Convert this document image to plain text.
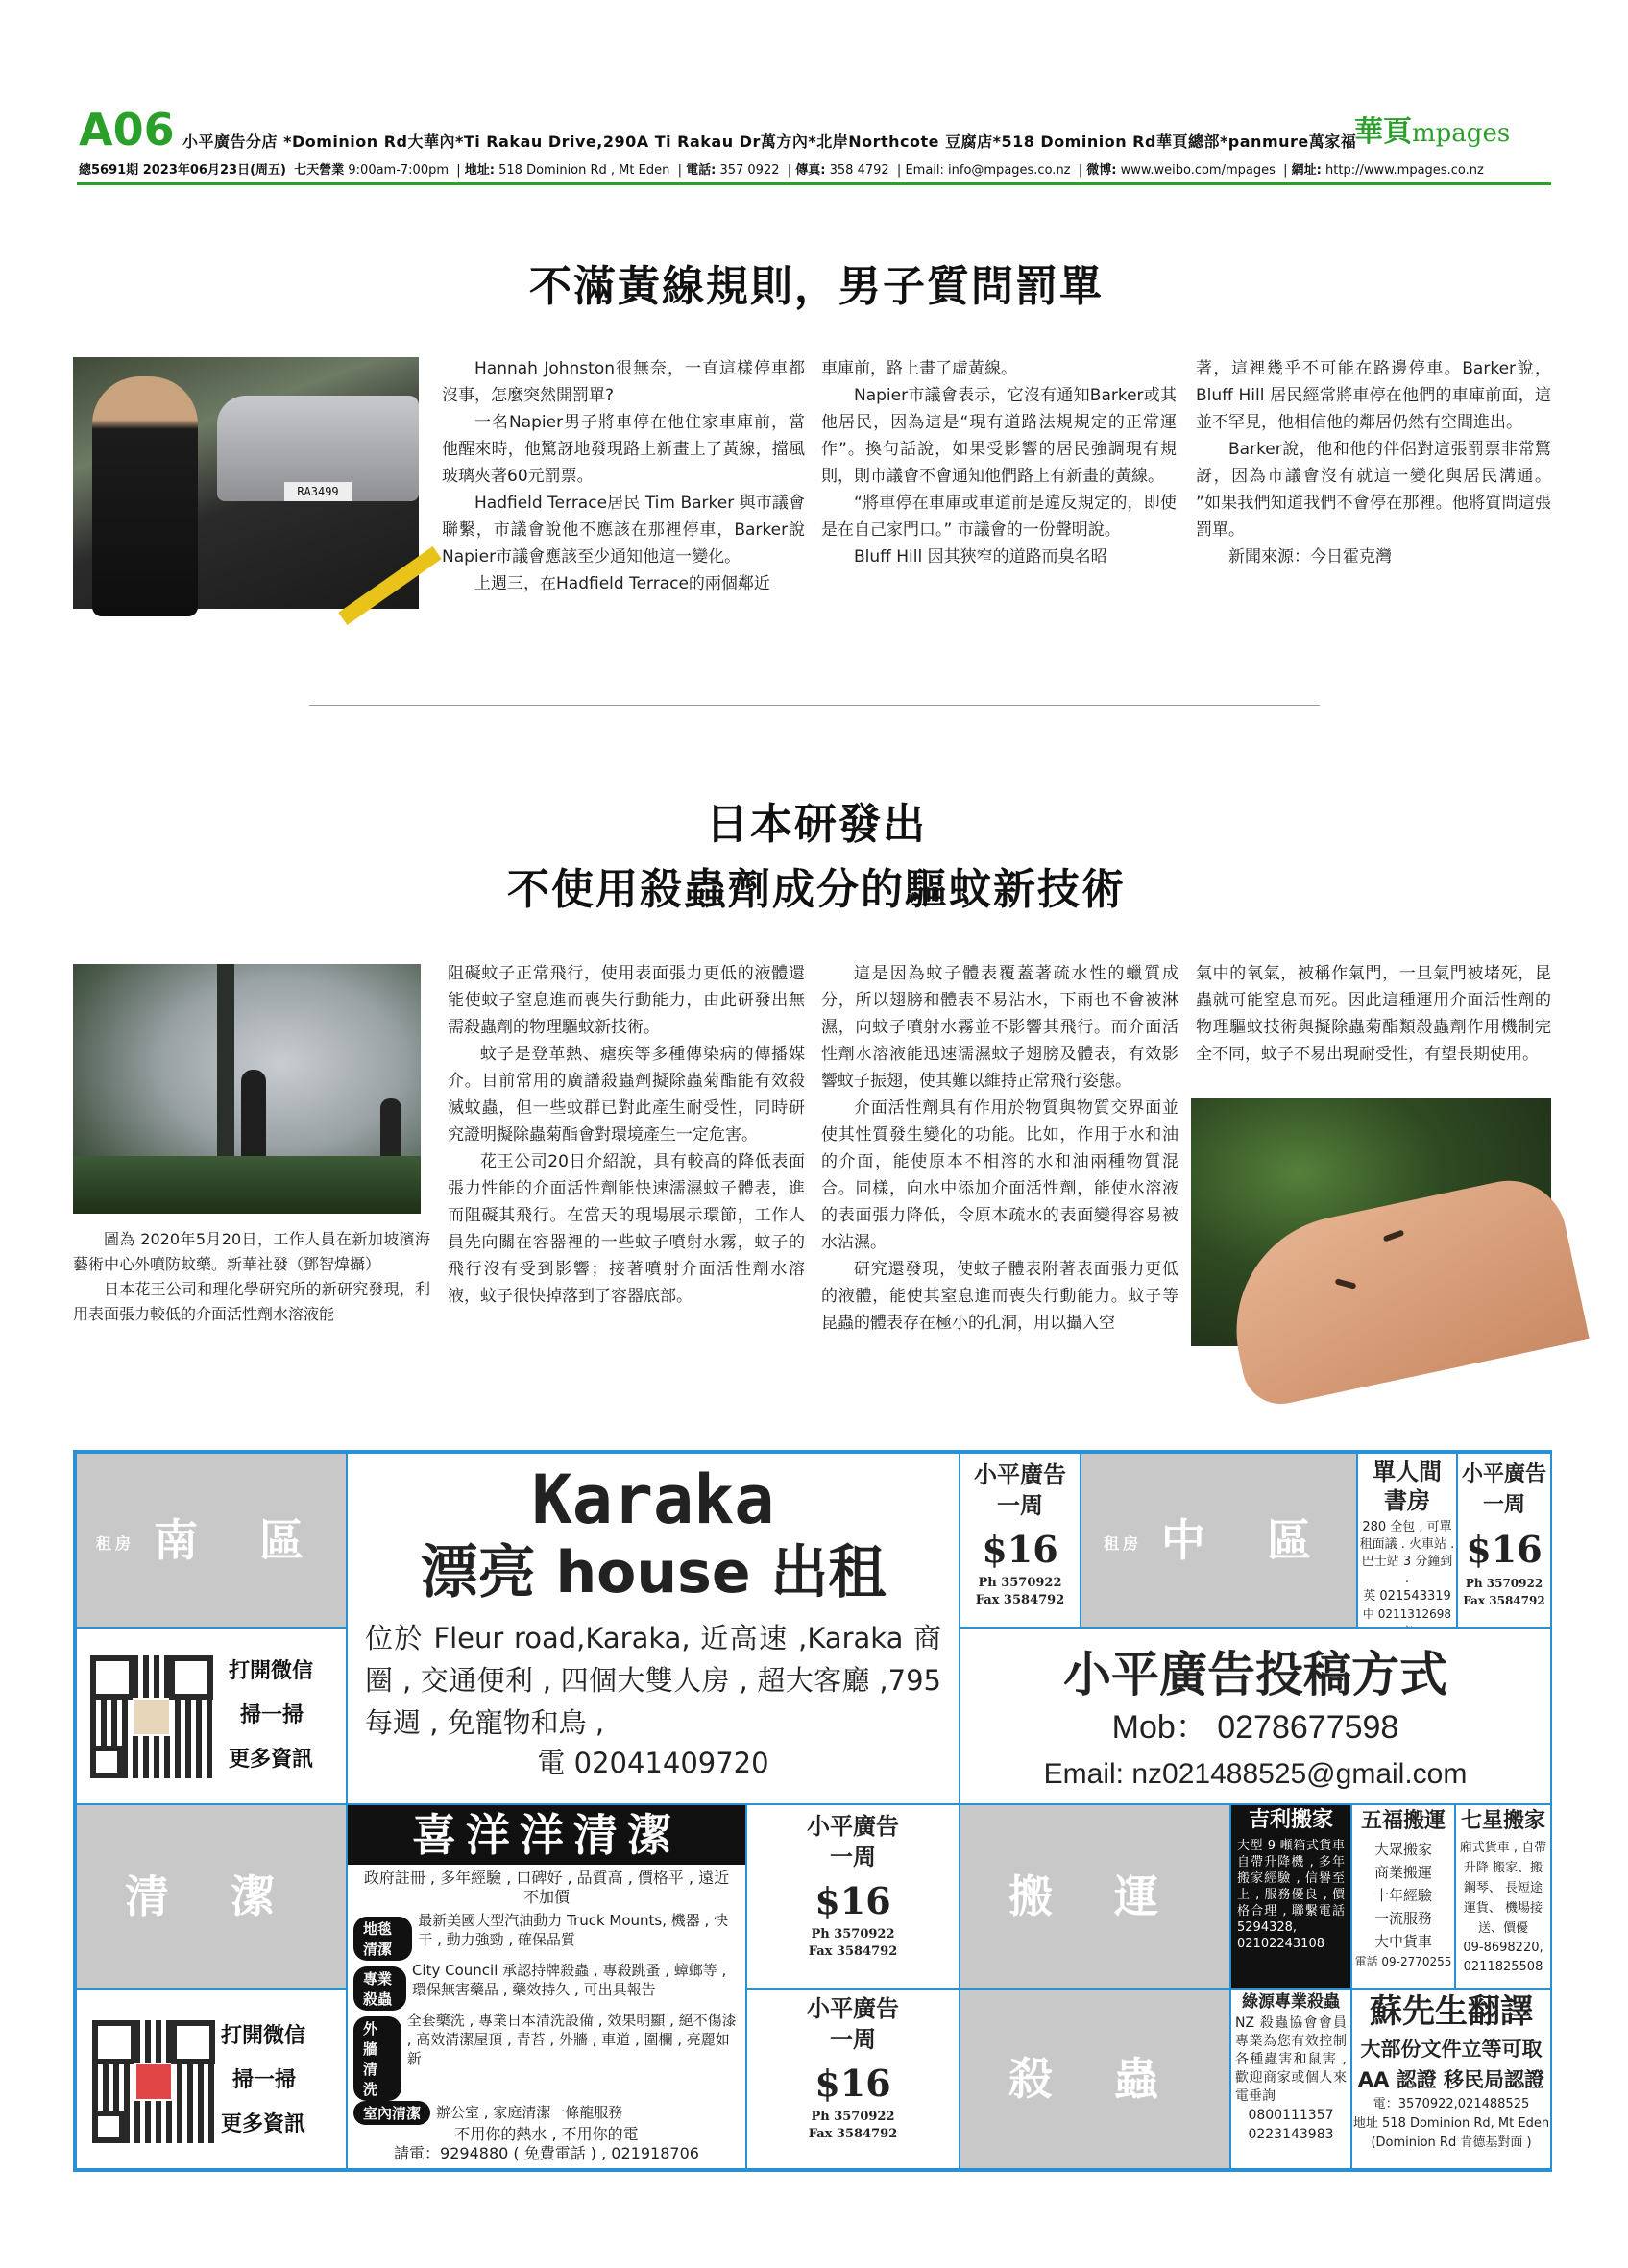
A06 小平廣告分店 *Dominion Rd大華內*Ti Rakau Drive,290A Ti Rakau Dr萬方內*北岸Northcote 豆腐店*518 Dominion Rd華頁總部*panmure萬家福
華頁mpages
總5691期 2023年06月23日(周五) 七天營業 9:00am-7:00pm  | 地址: 518 Dominion Rd , Mt Eden  | 電話: 357 0922  | 傳真: 358 4792  | Email: info@mpages.co.nz  | 微博: www.weibo.com/mpages  | 網址: http://www.mpages.co.nz
不滿黃線規則，男子質問罰單
RA3499

Hannah Johnston很無奈，一直這樣停車都沒事，怎麼突然開罰單?

一名Napier男子將車停在他住家車庫前，當他醒來時，他驚訝地發現路上新畫上了黃線，擋風玻璃夾著60元罰票。

Hadfield Terrace居民 Tim Barker 與市議會聯繫，市議會說他不應該在那裡停車，Barker說Napier市議會應該至少通知他這一變化。

上週三，在Hadfield Terrace的兩個鄰近

車庫前，路上畫了虛黃線。

Napier市議會表示，它沒有通知Barker或其他居民，因為這是“現有道路法規規定的正常運作”。換句話說，如果受影響的居民強調現有規則，則市議會不會通知他們路上有新畫的黃線。

“將車停在車庫或車道前是違反規定的，即使是在自己家門口。” 市議會的一份聲明說。

Bluff Hill 因其狹窄的道路而臭名昭

著，這裡幾乎不可能在路邊停車。Barker說，Bluff Hill 居民經常將車停在他們的車庫前面，這並不罕見，他相信他的鄰居仍然有空間進出。

Barker說，他和他的伴侶對這張罰票非常驚訝，因為市議會沒有就這一變化與居民溝通。 ”如果我們知道我們不會停在那裡。他將質問這張罰單。

新聞來源：今日霍克灣

日本研發出
不使用殺蟲劑成分的驅蚊新技術

圖為 2020年5月20日，工作人員在新加坡濱海藝術中心外噴防蚊藥。新華社發（鄧智煒攝）

日本花王公司和理化學研究所的新研究發現，利用表面張力較低的介面活性劑水溶液能

阻礙蚊子正常飛行，使用表面張力更低的液體還能使蚊子窒息進而喪失行動能力，由此研發出無需殺蟲劑的物理驅蚊新技術。

蚊子是登革熱、瘧疾等多種傳染病的傳播媒介。目前常用的廣譜殺蟲劑擬除蟲菊酯能有效殺滅蚊蟲，但一些蚊群已對此產生耐受性，同時研究證明擬除蟲菊酯會對環境產生一定危害。

花王公司20日介紹說，具有較高的降低表面張力性能的介面活性劑能快速濡濕蚊子體表，進而阻礙其飛行。在當天的現場展示環節，工作人員先向關在容器裡的一些蚊子噴射水霧，蚊子的飛行沒有受到影響；接著噴射介面活性劑水溶液，蚊子很快掉落到了容器底部。

這是因為蚊子體表覆蓋著疏水性的蠟質成分，所以翅膀和體表不易沾水，下雨也不會被淋濕，向蚊子噴射水霧並不影響其飛行。而介面活性劑水溶液能迅速濡濕蚊子翅膀及體表，有效影響蚊子振翅，使其難以維持正常飛行姿態。

介面活性劑具有作用於物質與物質交界面並使其性質發生變化的功能。比如，作用于水和油的介面，能使原本不相溶的水和油兩種物質混合。同樣，向水中添加介面活性劑，能使水溶液的表面張力降低，令原本疏水的表面變得容易被水沾濕。

研究還發現，使蚊子體表附著表面張力更低的液體，能使其窒息進而喪失行動能力。蚊子等昆蟲的體表存在極小的孔洞，用以攝入空

氣中的氧氣，被稱作氣門，一旦氣門被堵死，昆蟲就可能窒息而死。因此這種運用介面活性劑的物理驅蚊技術與擬除蟲菊酯類殺蟲劑作用機制完全不同，蚊子不易出現耐受性，有望長期使用。

租房 南 區
Karaka
漂亮 house 出租
位於 Fleur road,Karaka, 近高速 ,Karaka 商圈 , 交通便利 , 四個大雙人房 , 超大客廳 ,795 每週 , 免寵物和鳥 ,
電 02041409720
小平廣告
一周
$16
Ph 3570922
Fax 3584792
租房 中 區
單人間書房
280 全包 , 可單租面議 . 火車站 . 巴士站 3 分鐘到 .
英 021543319
中 0211312698
小平廣告
一周
$16
Ph 3570922
Fax 3584792
打開微信
掃一掃
更多資訊
小平廣告投稿方式
Mob： 0278677598
Email: nz021488525@gmail.com
清 潔
喜洋洋清潔
政府註冊 , 多年經驗 , 口碑好 , 品質高 , 價格平 , 遠近不加價
地毯清潔
最新美國大型汽油動力 Truck Mounts, 機器 , 快干 , 動力強勁 , 確保品質
專業殺蟲
City Council 承認持牌殺蟲 , 專殺跳蚤 , 蟑螂等 , 環保無害藥品 , 藥效持久 , 可出具報告
外牆清洗
全套藥洗 , 專業日本清洗設備 , 效果明顯 , 絕不傷漆 , 高效清潔屋頂 , 青苔 , 外牆 , 車道 , 圍欄 , 亮麗如新
室內清潔	辦公室 , 家庭清潔一條龍服務
不用你的熱水 , 不用你的電
請電：9294880 ( 免費電話 ) , 021918706
小平廣告
一周
$16
Ph 3570922
Fax 3584792
搬 運
吉利搬家
大型 9 噸箱式貨車自帶升降機 , 多年搬家經驗 , 信譽至上 , 服務優良 , 價格合理 , 聯繫電話 5294328, 02102243108
五福搬運
大眾搬家
商業搬運
十年經驗
一流服務
大中貨車
電話 09-2770255
七星搬家
廂式貨車 , 自帶升降 搬家、搬鋼琴、 長短途運貨、 機場接送、價優
09-8698220, 0211825508
打開微信
掃一掃
更多資訊
小平廣告
一周
$16
Ph 3570922
Fax 3584792
殺 蟲
綠源專業殺蟲
NZ 殺蟲協會會員專業為您有效控制各種蟲害和鼠害 , 歡迎商家或個人來電垂詢
0800111357
0223143983
蘇先生翻譯
大部份文件立等可取
AA 認證 移民局認證
電：3570922,021488525
地址 518 Dominion Rd, Mt Eden
(Dominion Rd 肯德基對面 )
